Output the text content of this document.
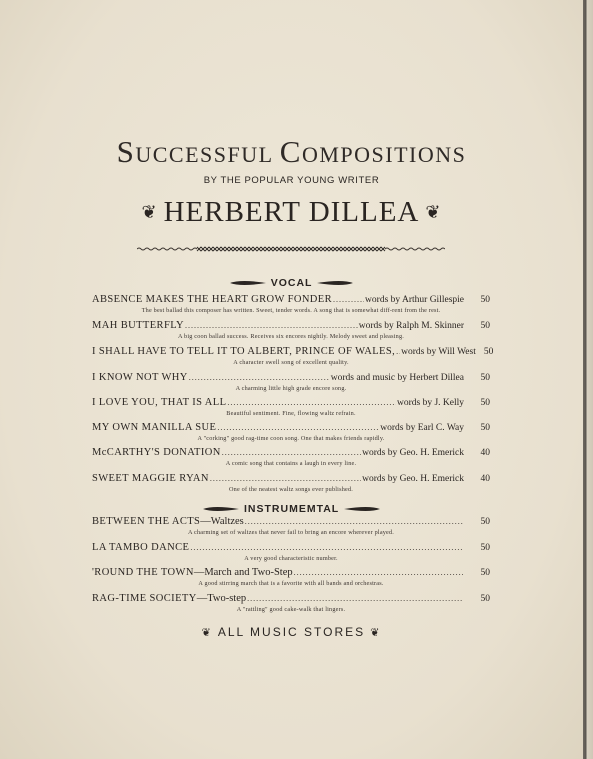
SUCCESSFUL COMPOSITIONS
BY THE POPULAR YOUNG WRITER
❦ HERBERT DILLEA ❦
VOCAL
ABSENCE MAKES THE HEART GROW FONDER .....	words by Arthur Gillespie	50
The best ballad this composer has written. Sweet, tender words. A song that is somewhat diff-rent from the rest.
MAH BUTTERFLY .....	words by Ralph M. Skinner	50
A big coon ballad success. Receives six encores nightly. Melody sweet and pleasing.
I SHALL HAVE TO TELL IT TO ALBERT, PRINCE OF WALES, ..... words by Will West 50
A character swell song of excellent quality.
I KNOW NOT WHY .....	words and music by Herbert Dillea	50
A charming little high grade encore song.
I LOVE YOU, THAT IS ALL .....	words by J. Kelly	50
Beautiful sentiment. Fine, flowing waltz refrain.
MY OWN MANILLA SUE .....	words by Earl C. Way	50
A "corking" good rag-time coon song. One that makes friends rapidly.
McCARTHY'S DONATION .....	words by Geo. H. Emerick	40
A comic song that contains a laugh in every line.
SWEET MAGGIE RYAN .....	words by Geo. H. Emerick	40
One of the neatest waltz songs ever published.
INSTRUMEMTAL
BETWEEN THE ACTS —Waltzes .....	50
A charming set of waltzes that never fail to bring an encore wherever played.
LA TAMBO DANCE .....	50
A very good characteristic number.
'ROUND THE TOWN —March and Two-Step .....	50
A good stirring march that is a favorite with all bands and orchestras.
RAG-TIME SOCIETY —Two-step .....	50
A "rattling" good cake-walk that lingers.
❦ ALL MUSIC STORES ❦
